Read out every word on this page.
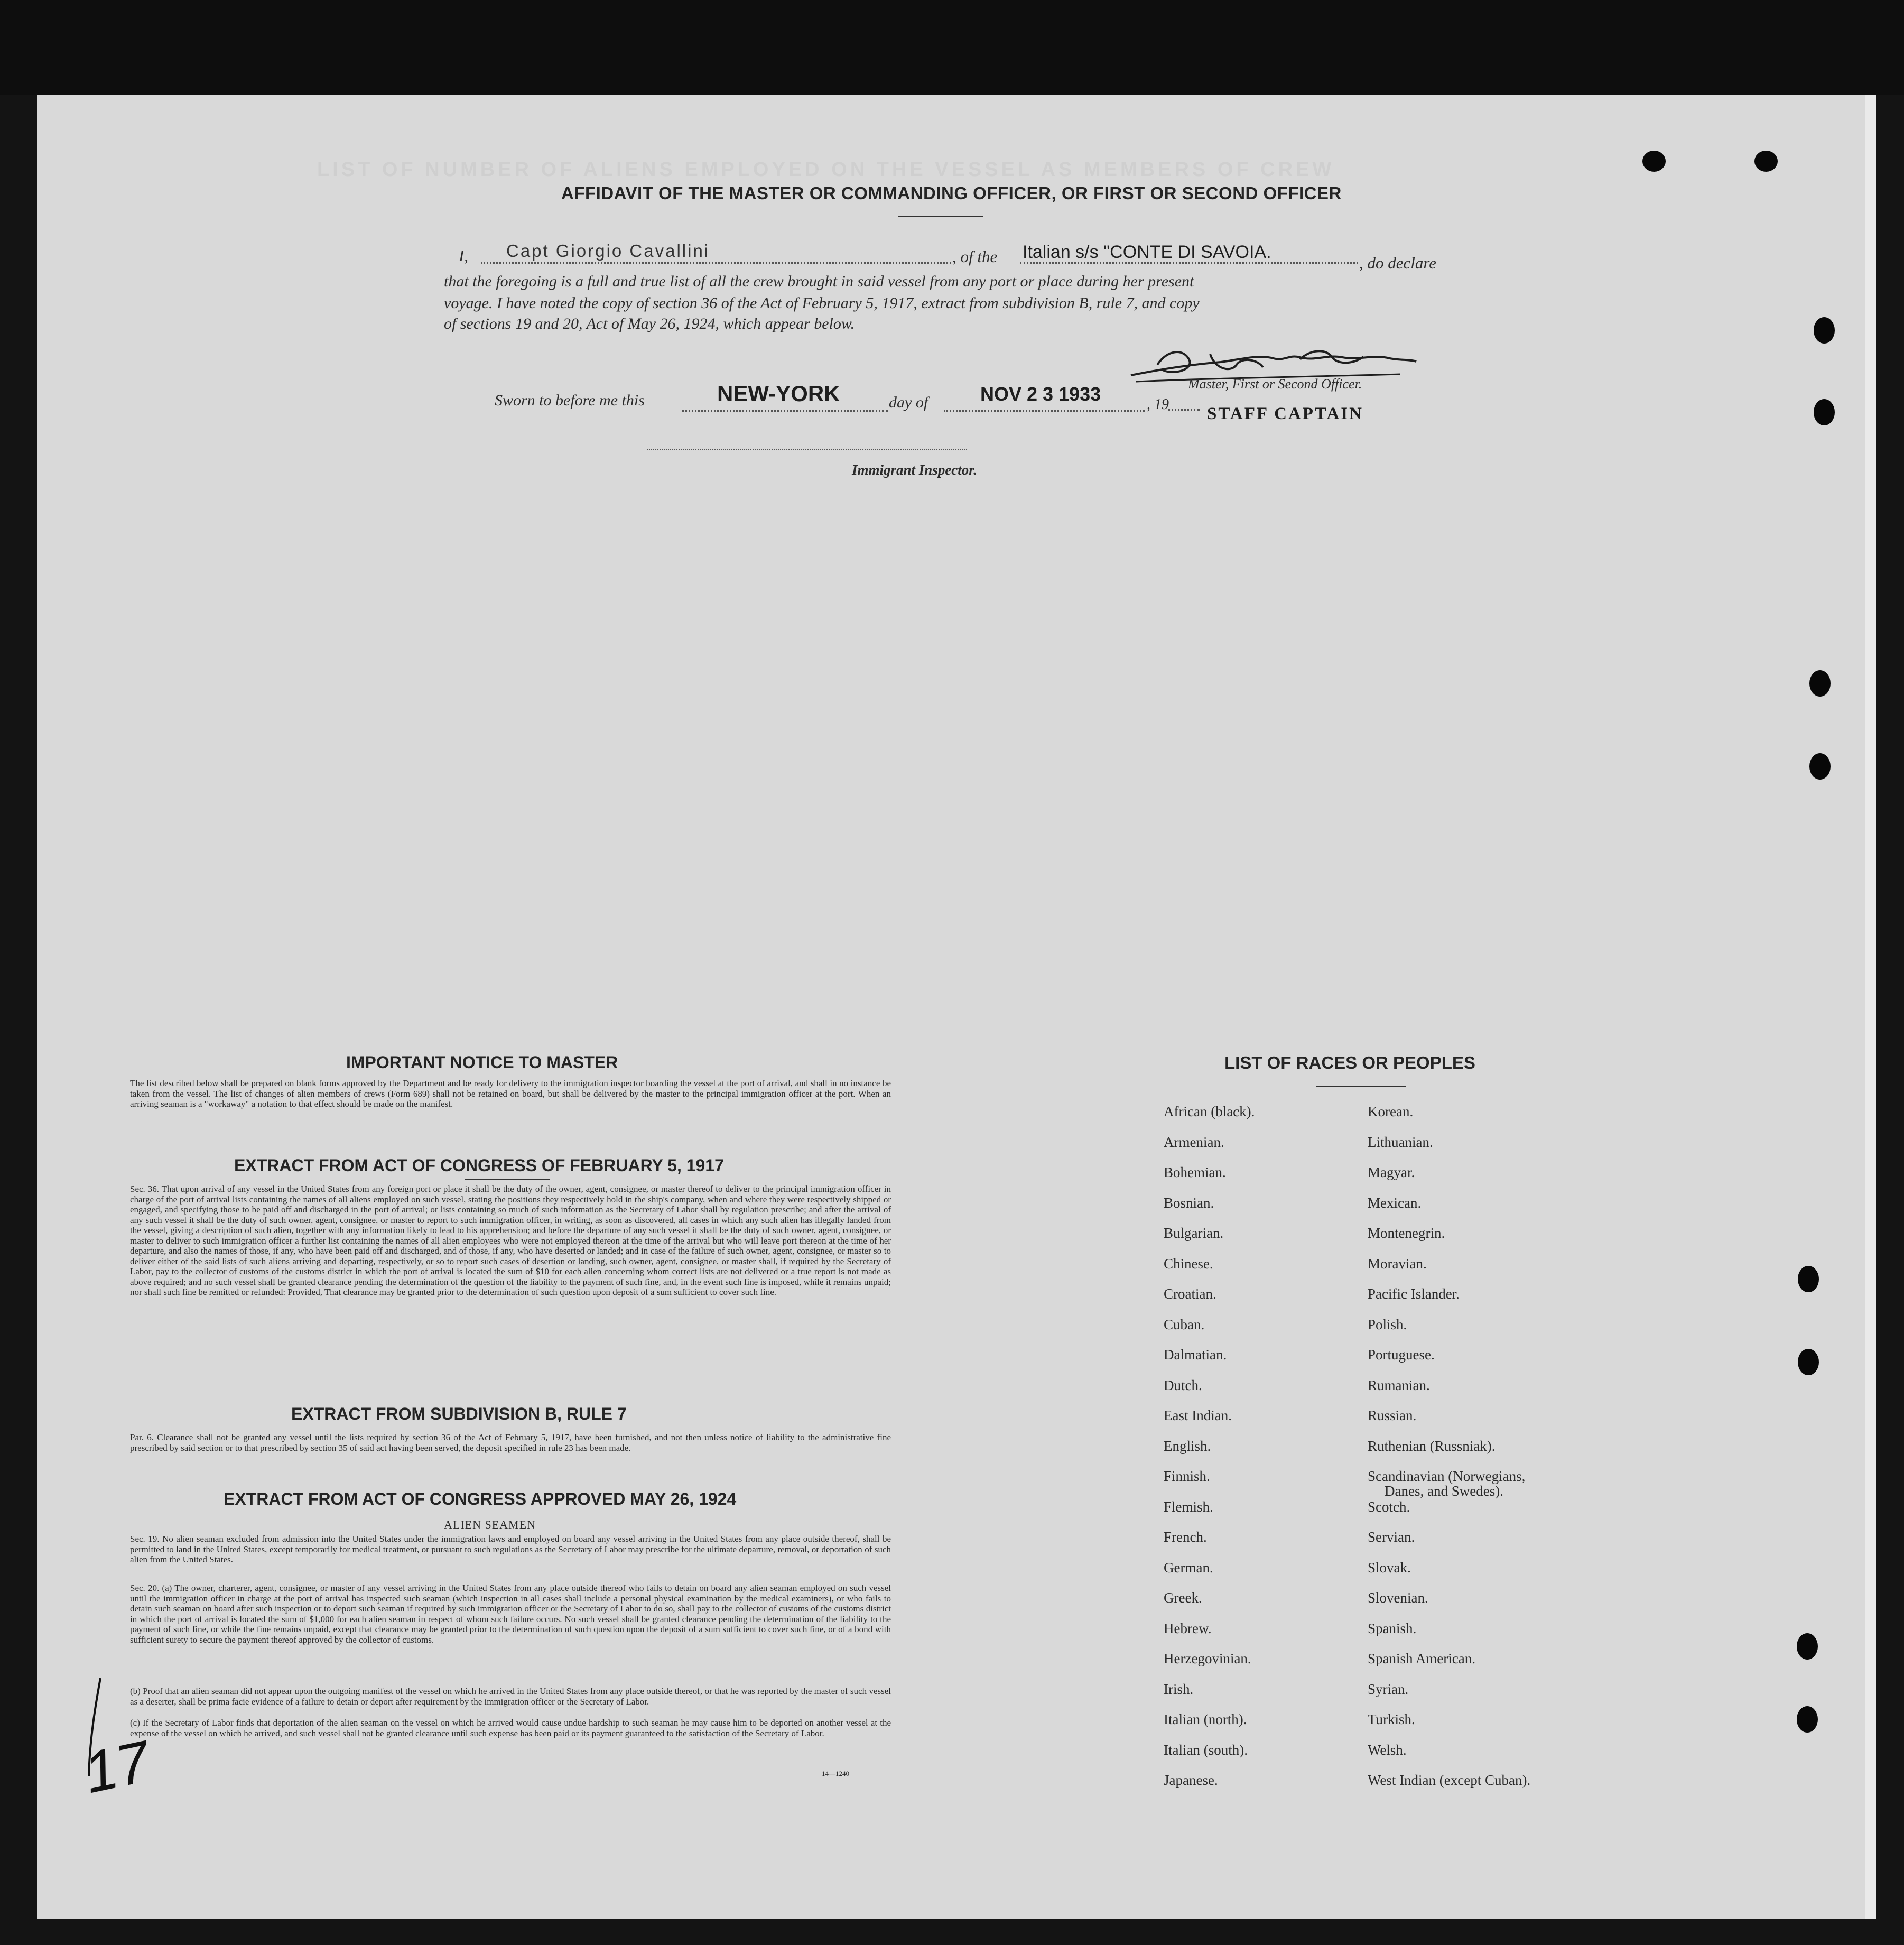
LIST OF NUMBER OF ALIENS EMPLOYED ON THE VESSEL AS MEMBERS OF CREW
AFFIDAVIT OF THE MASTER OR COMMANDING OFFICER, OR FIRST OR SECOND OFFICER
I, Capt Giorgio Cavallini	, of the Italian s/s "CONTE DI SAVOIA.
, do declare
that the foregoing is a full and true list of all the crew brought in said vessel from any port or place during her present
voyage. I have noted the copy of section 36 of the Act of February 5, 1917, extract from subdivision B, rule 7, and copy
of sections 19 and 20, Act of May 26, 1924, which appear below.
Sworn to before me this	NEW-YORK	day of	NOV 2 3 1933	, 19
Master, First or Second Officer.
STAFF CAPTAIN
Immigrant Inspector.
IMPORTANT NOTICE TO MASTER
The list described below shall be prepared on blank forms approved by the Department and be ready for delivery to the immigration inspector boarding the vessel at the port of arrival, and shall in no instance be taken from the vessel. The list of changes of alien members of crews (Form 689) shall not be retained on board, but shall be delivered by the master to the principal immigration officer at the port. When an arriving seaman is a "workaway" a notation to that effect should be made on the manifest.
EXTRACT FROM ACT OF CONGRESS OF FEBRUARY 5, 1917
Sec. 36. That upon arrival of any vessel in the United States from any foreign port or place it shall be the duty of the owner, agent, consignee, or master thereof to deliver to the principal immigration officer in charge of the port of arrival lists containing the names of all aliens employed on such vessel, stating the positions they respectively hold in the ship's company, when and where they were respectively shipped or engaged, and specifying those to be paid off and discharged in the port of arrival; or lists containing so much of such information as the Secretary of Labor shall by regulation prescribe; and after the arrival of any such vessel it shall be the duty of such owner, agent, consignee, or master to report to such immigration officer, in writing, as soon as discovered, all cases in which any such alien has illegally landed from the vessel, giving a description of such alien, together with any information likely to lead to his apprehension; and before the departure of any such vessel it shall be the duty of such owner, agent, consignee, or master to deliver to such immigration officer a further list containing the names of all alien employees who were not employed thereon at the time of the arrival but who will leave port thereon at the time of her departure, and also the names of those, if any, who have been paid off and discharged, and of those, if any, who have deserted or landed; and in case of the failure of such owner, agent, consignee, or master so to deliver either of the said lists of such aliens arriving and departing, respectively, or so to report such cases of desertion or landing, such owner, agent, consignee, or master shall, if required by the Secretary of Labor, pay to the collector of customs of the customs district in which the port of arrival is located the sum of $10 for each alien concerning whom correct lists are not delivered or a true report is not made as above required; and no such vessel shall be granted clearance pending the determination of the question of the liability to the payment of such fine, and, in the event such fine is imposed, while it remains unpaid; nor shall such fine be remitted or refunded: Provided, That clearance may be granted prior to the determination of such question upon deposit of a sum sufficient to cover such fine.
EXTRACT FROM SUBDIVISION B, RULE 7
Par. 6. Clearance shall not be granted any vessel until the lists required by section 36 of the Act of February 5, 1917, have been furnished, and not then unless notice of liability to the administrative fine prescribed by said section or to that prescribed by section 35 of said act having been served, the deposit specified in rule 23 has been made.
EXTRACT FROM ACT OF CONGRESS APPROVED MAY 26, 1924
ALIEN SEAMEN
Sec. 19. No alien seaman excluded from admission into the United States under the immigration laws and employed on board any vessel arriving in the United States from any place outside thereof, shall be permitted to land in the United States, except temporarily for medical treatment, or pursuant to such regulations as the Secretary of Labor may prescribe for the ultimate departure, removal, or deportation of such alien from the United States.
Sec. 20. (a) The owner, charterer, agent, consignee, or master of any vessel arriving in the United States from any place outside thereof who fails to detain on board any alien seaman employed on such vessel until the immigration officer in charge at the port of arrival has inspected such seaman (which inspection in all cases shall include a personal physical examination by the medical examiners), or who fails to detain such seaman on board after such inspection or to deport such seaman if required by such immigration officer or the Secretary of Labor to do so, shall pay to the collector of customs of the customs district in which the port of arrival is located the sum of $1,000 for each alien seaman in respect of whom such failure occurs. No such vessel shall be granted clearance pending the determination of the liability to the payment of such fine, or while the fine remains unpaid, except that clearance may be granted prior to the determination of such question upon the deposit of a sum sufficient to cover such fine, or of a bond with sufficient surety to secure the payment thereof approved by the collector of customs.
(b) Proof that an alien seaman did not appear upon the outgoing manifest of the vessel on which he arrived in the United States from any place outside thereof, or that he was reported by the master of such vessel as a deserter, shall be prima facie evidence of a failure to detain or deport after requirement by the immigration officer or the Secretary of Labor.
(c) If the Secretary of Labor finds that deportation of the alien seaman on the vessel on which he arrived would cause undue hardship to such seaman he may cause him to be deported on another vessel at the expense of the vessel on which he arrived, and such vessel shall not be granted clearance until such expense has been paid or its payment guaranteed to the satisfaction of the Secretary of Labor.
14—1240
LIST OF RACES OR PEOPLES
African (black).
Armenian.
Bohemian.
Bosnian.
Bulgarian.
Chinese.
Croatian.
Cuban.
Dalmatian.
Dutch.
East Indian.
English.
Finnish.
Flemish.
French.
German.
Greek.
Hebrew.
Herzegovinian.
Irish.
Italian (north).
Italian (south).
Japanese.
Korean.
Lithuanian.
Magyar.
Mexican.
Montenegrin.
Moravian.
Pacific Islander.
Polish.
Portuguese.
Rumanian.
Russian.
Ruthenian (Russniak).
Scandinavian (Norwegians,
Danes, and Swedes).
Scotch.
Servian.
Slovak.
Slovenian.
Spanish.
Spanish American.
Syrian.
Turkish.
Welsh.
West Indian (except Cuban).
17
